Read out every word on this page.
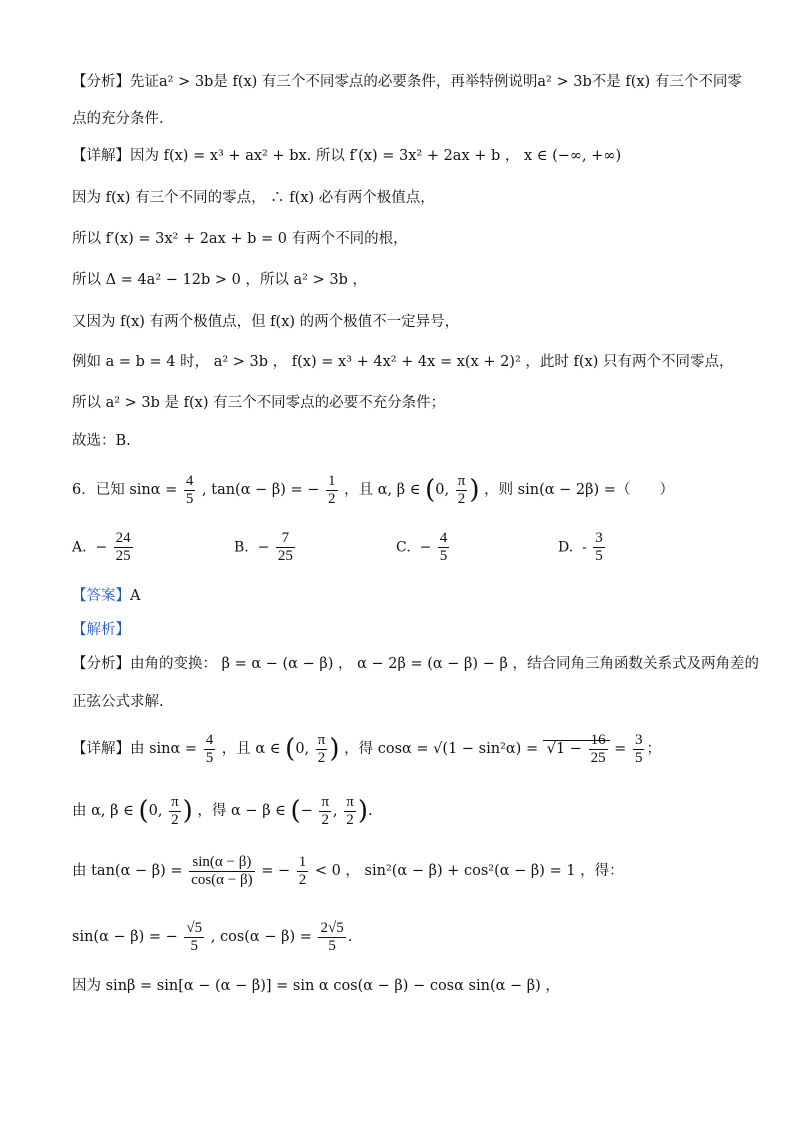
【分析】先证a² > 3b是 f(x) 有三个不同零点的必要条件，再举特例说明a² > 3b不是 f(x) 有三个不同零
点的充分条件.
【详解】因为 f(x) = x³ + ax² + bx. 所以 f′(x) = 3x² + 2ax + b ， x ∈ (−∞, +∞)
因为 f(x) 有三个不同的零点， ∴ f(x) 必有两个极值点，
所以 f′(x) = 3x² + 2ax + b = 0 有两个不同的根，
所以 Δ = 4a² − 12b > 0 ，所以 a² > 3b ，
又因为 f(x) 有两个极值点，但 f(x) 的两个极值不一定异号，
例如 a = b = 4 时， a² > 3b ， f(x) = x³ + 4x² + 4x = x(x + 2)² ，此时 f(x) 只有两个不同零点，
所以 a² > 3b 是 f(x) 有三个不同零点的必要不充分条件；
故选：B.
6．已知 $\sin\alpha = \frac{4}{5}$ , tan(α − β) = − $\frac{1}{2}$ ，且 α, β ∈ (0, $\frac{\pi}{2}$ ) ，则 sin(α − 2β) =（　　）
A. − $\frac{24}{25}$	B. − $\frac{7}{25}$	C. − $\frac{4}{5}$	D. - $\frac{3}{5}$
【答案】A
【解析】
【分析】由角的变换： β = α − (α − β) ， α − 2β = (α − β) − β ，结合同角三角函数关系式及两角差的
正弦公式求解.
【详解】由 $\sin\alpha = \frac{4}{5}$ ，且 α ∈ (0, $\frac{\pi}{2}$ ) ，得 $\cos\alpha = √(1 - \sin^2\alpha) = √1 - \frac{16}{25} = \frac{3}{5}$ ；
由 α, β ∈ (0, $\frac{\pi}{2}$ ) ，得 α − β ∈ (− $\frac{\pi}{2}$ , $\frac{\pi}{2}$ ).
由 $\tan(\alpha - \beta) = \frac{\sin(\alpha - \beta)}{\cos(\alpha - \beta)}$ = − $\frac{1}{2} < 0$ ， sin²(α − β) + cos²(α − β) = 1 ，得：
sin(α − β) = − $\frac{√5}{5}$ , $\cos(\alpha - \beta) = \frac{2√5}{5}$ .
因为 sinβ = sin[α − (α − β)] = sin α cos(α − β) − cosα sin(α − β) ，
